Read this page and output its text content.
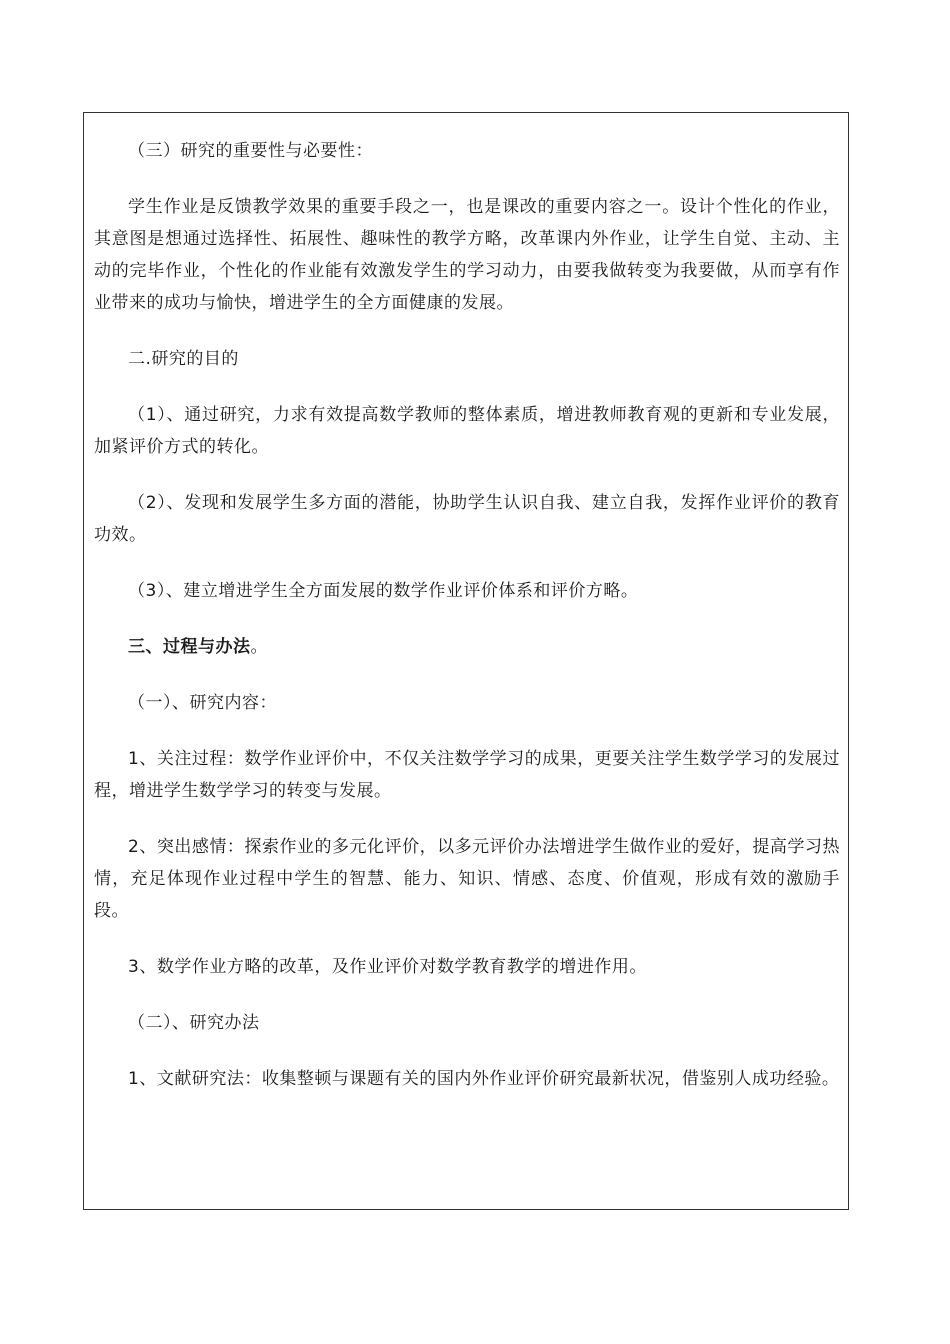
（三）研究的重要性与必要性：

学生作业是反馈教学效果的重要手段之一，也是课改的重要内容之一。设计个性化的作业，其意图是想通过选择性、拓展性、趣味性的教学方略，改革课内外作业，让学生自觉、主动、主动的完毕作业，个性化的作业能有效激发学生的学习动力，由要我做转变为我要做，从而享有作业带来的成功与愉快，增进学生的全方面健康的发展。

二.研究的目的

（1）、通过研究，力求有效提高数学教师的整体素质，增进教师教育观的更新和专业发展，加紧评价方式的转化。

（2）、发现和发展学生多方面的潜能，协助学生认识自我、建立自我，发挥作业评价的教育功效。

（3）、建立增进学生全方面发展的数学作业评价体系和评价方略。

三、过程与办法。

（一）、研究内容：

1、关注过程：数学作业评价中，不仅关注数学学习的成果，更要关注学生数学学习的发展过程，增进学生数学学习的转变与发展。

2、突出感情：探索作业的多元化评价，以多元评价办法增进学生做作业的爱好，提高学习热情，充足体现作业过程中学生的智慧、能力、知识、情感、态度、价值观，形成有效的激励手段。

3、数学作业方略的改革，及作业评价对数学教育教学的增进作用。

（二）、研究办法

1、文献研究法：收集整顿与课题有关的国内外作业评价研究最新状况，借鉴别人成功经验。
